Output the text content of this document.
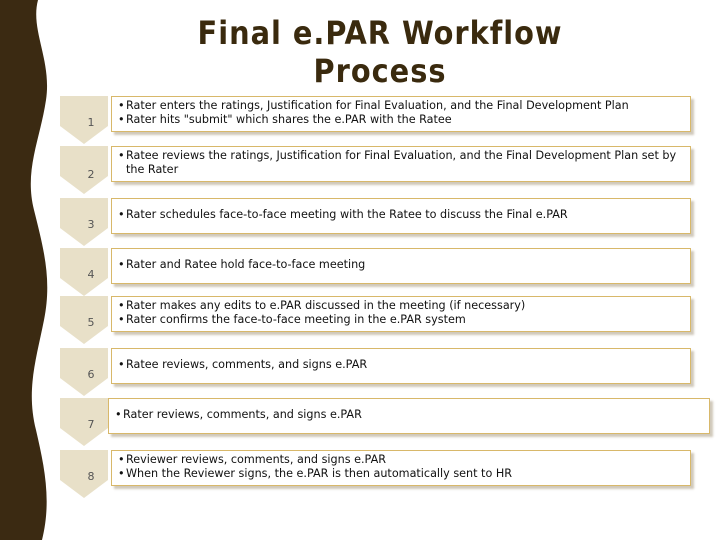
Final e.PAR Workflow Process
1
• Rater enters the ratings, Justification for Final Evaluation, and the Final Development Plan
• Rater hits "submit" which shares the e.PAR with the Ratee
2
• Ratee reviews the ratings, Justification for Final Evaluation, and the Final Development Plan set by the Rater
3
• Rater schedules face-to-face meeting with the Ratee to discuss the Final e.PAR
4
• Rater and Ratee hold face-to-face meeting
5
• Rater makes any edits to e.PAR discussed in the meeting (if necessary)
• Rater confirms the face-to-face meeting in the e.PAR system
6
• Ratee reviews, comments, and signs e.PAR
7
• Rater reviews, comments, and signs e.PAR
8
• Reviewer reviews, comments, and signs e.PAR
• When the Reviewer signs, the e.PAR is then automatically sent to HR
